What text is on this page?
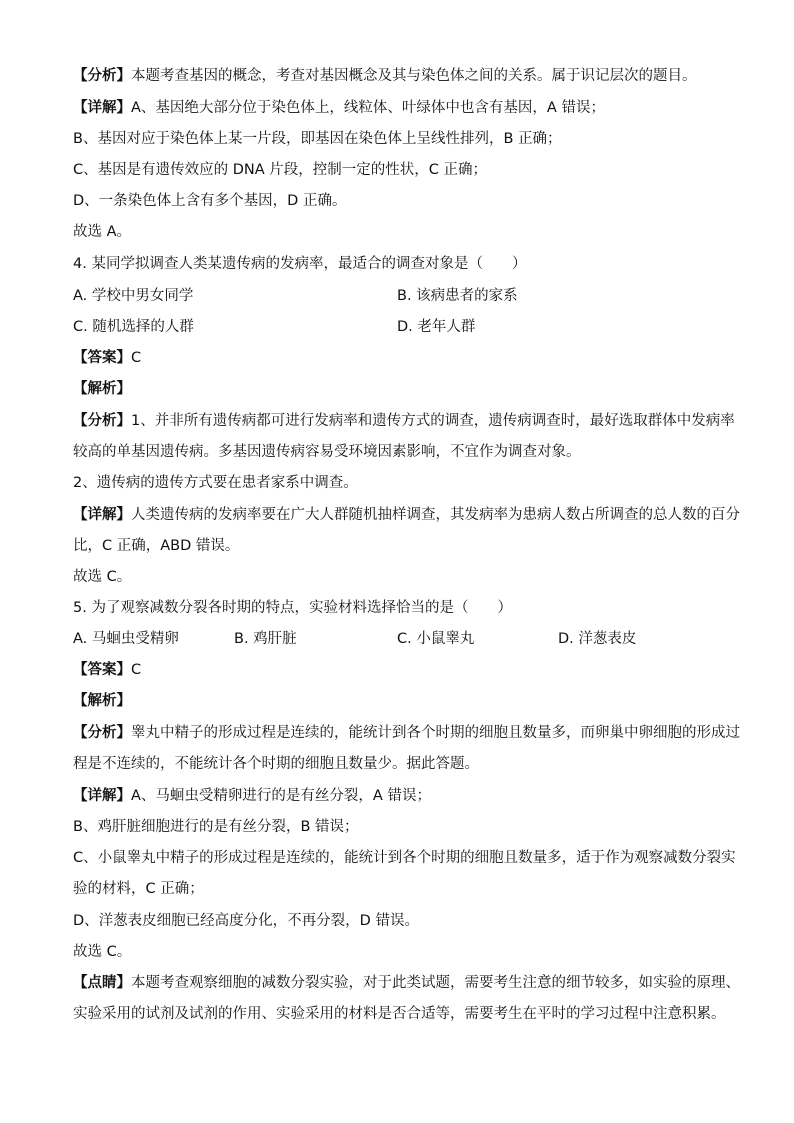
【分析】本题考查基因的概念，考查对基因概念及其与染色体之间的关系。属于识记层次的题目。
【详解】A、基因绝大部分位于染色体上，线粒体、叶绿体中也含有基因，A 错误；
B、基因对应于染色体上某一片段，即基因在染色体上呈线性排列，B 正确；
C、基因是有遗传效应的 DNA 片段，控制一定的性状，C 正确；
D、一条染色体上含有多个基因，D 正确。
故选 A。
4. 某同学拟调查人类某遗传病的发病率，最适合的调查对象是（　　）
A. 学校中男女同学	B. 该病患者的家系
C. 随机选择的人群	D. 老年人群
【答案】C
【解析】
【分析】1、并非所有遗传病都可进行发病率和遗传方式的调查，遗传病调查时，最好选取群体中发病率
较高的单基因遗传病。多基因遗传病容易受环境因素影响，不宜作为调查对象。
2、遗传病的遗传方式要在患者家系中调查。
【详解】人类遗传病的发病率要在广大人群随机抽样调查，其发病率为患病人数占所调查的总人数的百分
比，C 正确，ABD 错误。
故选 C。
5. 为了观察减数分裂各时期的特点，实验材料选择恰当的是（　　）
A. 马蛔虫受精卵	B. 鸡肝脏	C. 小鼠睾丸	D. 洋葱表皮
【答案】C
【解析】
【分析】睾丸中精子的形成过程是连续的，能统计到各个时期的细胞且数量多，而卵巢中卵细胞的形成过
程是不连续的，不能统计各个时期的细胞且数量少。据此答题。
【详解】A、马蛔虫受精卵进行的是有丝分裂，A 错误；
B、鸡肝脏细胞进行的是有丝分裂，B 错误；
C、小鼠睾丸中精子的形成过程是连续的，能统计到各个时期的细胞且数量多，适于作为观察减数分裂实
验的材料，C 正确；
D、洋葱表皮细胞已经高度分化，不再分裂，D 错误。
故选 C。
【点睛】本题考查观察细胞的减数分裂实验，对于此类试题，需要考生注意的细节较多，如实验的原理、
实验采用的试剂及试剂的作用、实验采用的材料是否合适等，需要考生在平时的学习过程中注意积累。
